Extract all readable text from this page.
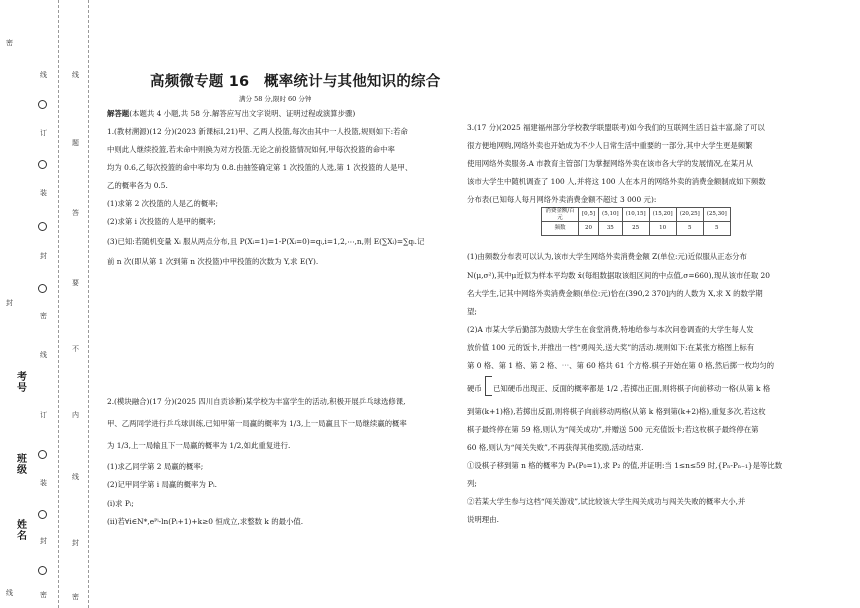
密
封
线
线
订
装
封
密
线
订
装
封
密
线
题
答
要
不
内
线
封
密
考号
班级
姓名
高频微专题 16　概率统计与其他知识的综合
满分 58 分,限时 60 分钟
解答题(本题共 4 小题,共 58 分.解答应写出文字说明、证明过程或演算步骤)
1.(教材溯源)(12 分)(2023 新课标Ⅰ,21)甲、乙两人投篮,每次由其中一人投篮,规则如下:若命
中则此人继续投篮,若未命中则换为对方投篮.无论之前投篮情况如何,甲每次投篮的命中率
均为 0.6,乙每次投篮的命中率均为 0.8.由抽签确定第 1 次投篮的人选,第 1 次投篮的人是甲、
乙的概率各为 0.5.
(1)求第 2 次投篮的人是乙的概率;
(2)求第 i 次投篮的人是甲的概率;
(3)已知:若随机变量 Xᵢ 服从两点分布,且 P(Xᵢ=1)=1-P(Xᵢ=0)=qᵢ,i=1,2,⋯,n,则 E(∑Xᵢ)=∑qᵢ.记
前 n 次(即从第 1 次到第 n 次投篮)中甲投篮的次数为 Y,求 E(Y).
2.(模块融合)(17 分)(2025 四川自贡诊断)某学校为丰富学生的活动,积极开展乒乓球选修课,
甲、乙两同学进行乒乓球训练,已知甲第一局赢的概率为 1/3,上一局赢且下一局继续赢的概率
为 1/3,上一局输且下一局赢的概率为 1/2,如此重复进行.
(1)求乙同学第 2 局赢的概率;
(2)记甲同学第 i 局赢的概率为 Pᵢ.
(i)求 Pᵢ;
(ii)若∀i∈N*,eᴾⁱ-ln(Pᵢ+1)+k≥0 恒成立,求整数 k 的最小值.
3.(17 分)(2025 福建福州部分学校教学联盟联考)如今我们的互联网生活日益丰富,除了可以
很方便地网购,网络外卖也开始成为不少人日常生活中重要的一部分,其中大学生更是频繁
使用网络外卖服务.A 市教育主管部门为掌握网络外卖在该市各大学的发展情况,在某月从
该市大学生中随机调查了 100 人,并将这 100 人在本月的网络外卖的消费金额制成如下频数
分布表(已知每人每月网络外卖消费金额不超过 3 000 元):
消费金额/百元	[0,5]	(5,10]	(10,15]	(15,20]	(20,25]	(25,30]
频数	20	35	25	10	5	5
(1)由频数分布表可以认为,该市大学生网络外卖消费金额 Z(单位:元)近似服从正态分布
N(μ,σ²),其中μ近似为样本平均数 x̄(每组数据取该组区间的中点值,σ=660),现从该市任取 20
名大学生,记其中网络外卖消费金额(单位:元)恰在(390,2 370]内的人数为 X,求 X 的数学期
望;
(2)A 市某大学后勤部为鼓励大学生在食堂消费,特地给参与本次问卷调查的大学生每人发
放价值 100 元的饭卡,并推出一档“勇闯关,送大奖”的活动.规则如下:在某张方格图上标有
第 0 格、第 1 格、第 2 格、⋯、第 60 格共 61 个方格.棋子开始在第 0 格,然后掷一枚均匀的
硬币 已知硬币出现正、反面的概率都是 1/2 ,若掷出正面,则将棋子向前移动一格(从第 k 格
到第(k+1)格),若掷出反面,则将棋子向前移动两格(从第 k 格到第(k+2)格),重复多次,若这枚
棋子最终停在第 59 格,则认为“闯关成功”,并赠送 500 元充值饭卡;若这枚棋子最终停在第
60 格,则认为“闯关失败”,不再获得其他奖励,活动结束.
①设棋子移到第 n 格的概率为 Pₙ(P₀=1),求 P₂ 的值,并证明:当 1≤n≤59 时,{Pₙ-Pₙ₋₁}是等比数
列;
②若某大学生参与这档“闯关游戏”,试比较该大学生闯关成功与闯关失败的概率大小,并
说明理由.
